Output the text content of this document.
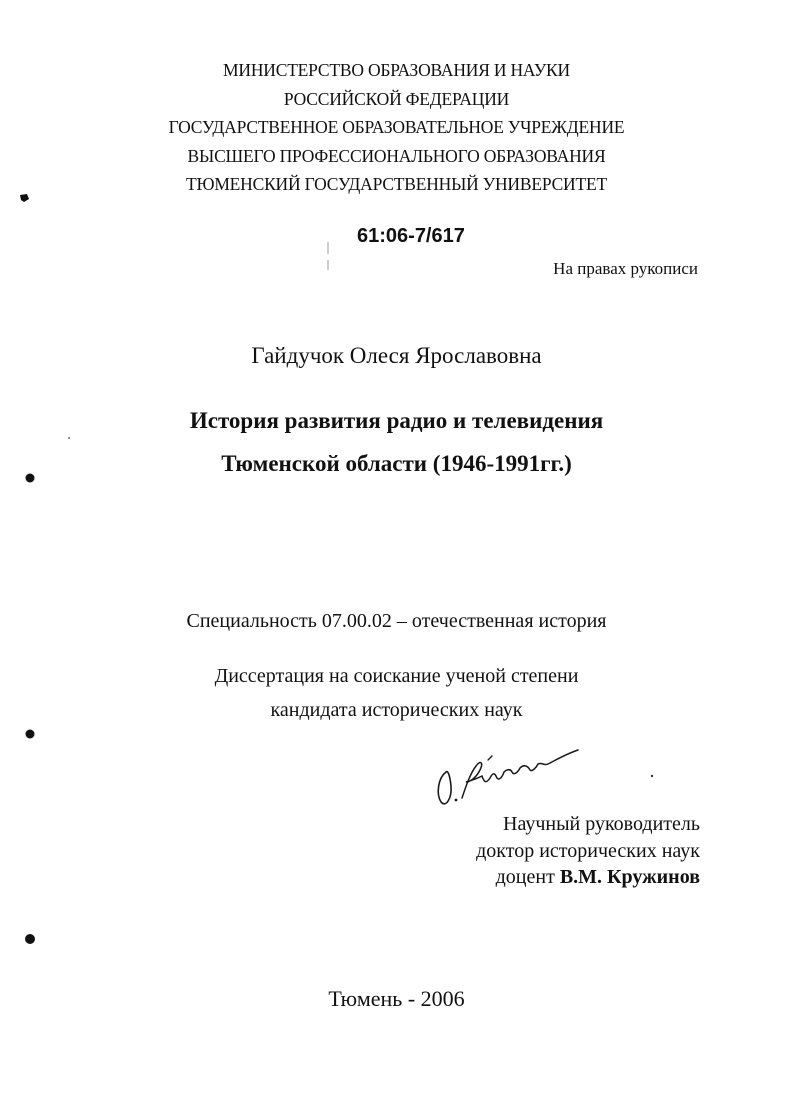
МИНИСТЕРСТВО ОБРАЗОВАНИЯ И НАУКИ
РОССИЙСКОЙ ФЕДЕРАЦИИ
ГОСУДАРСТВЕННОЕ ОБРАЗОВАТЕЛЬНОЕ УЧРЕЖДЕНИЕ
ВЫСШЕГО ПРОФЕССИОНАЛЬНОГО ОБРАЗОВАНИЯ
ТЮМЕНСКИЙ ГОСУДАРСТВЕННЫЙ УНИВЕРСИТЕТ
61:06-7/617
На правах рукописи
Гайдучок Олеся Ярославовна
История развития радио и телевидения
Тюменской области (1946-1991гг.)
Специальность 07.00.02 – отечественная история
Диссертация на соискание ученой степени
кандидата исторических наук
Научный руководитель
доктор исторических наук
доцент В.М. Кружинов
Тюмень - 2006
